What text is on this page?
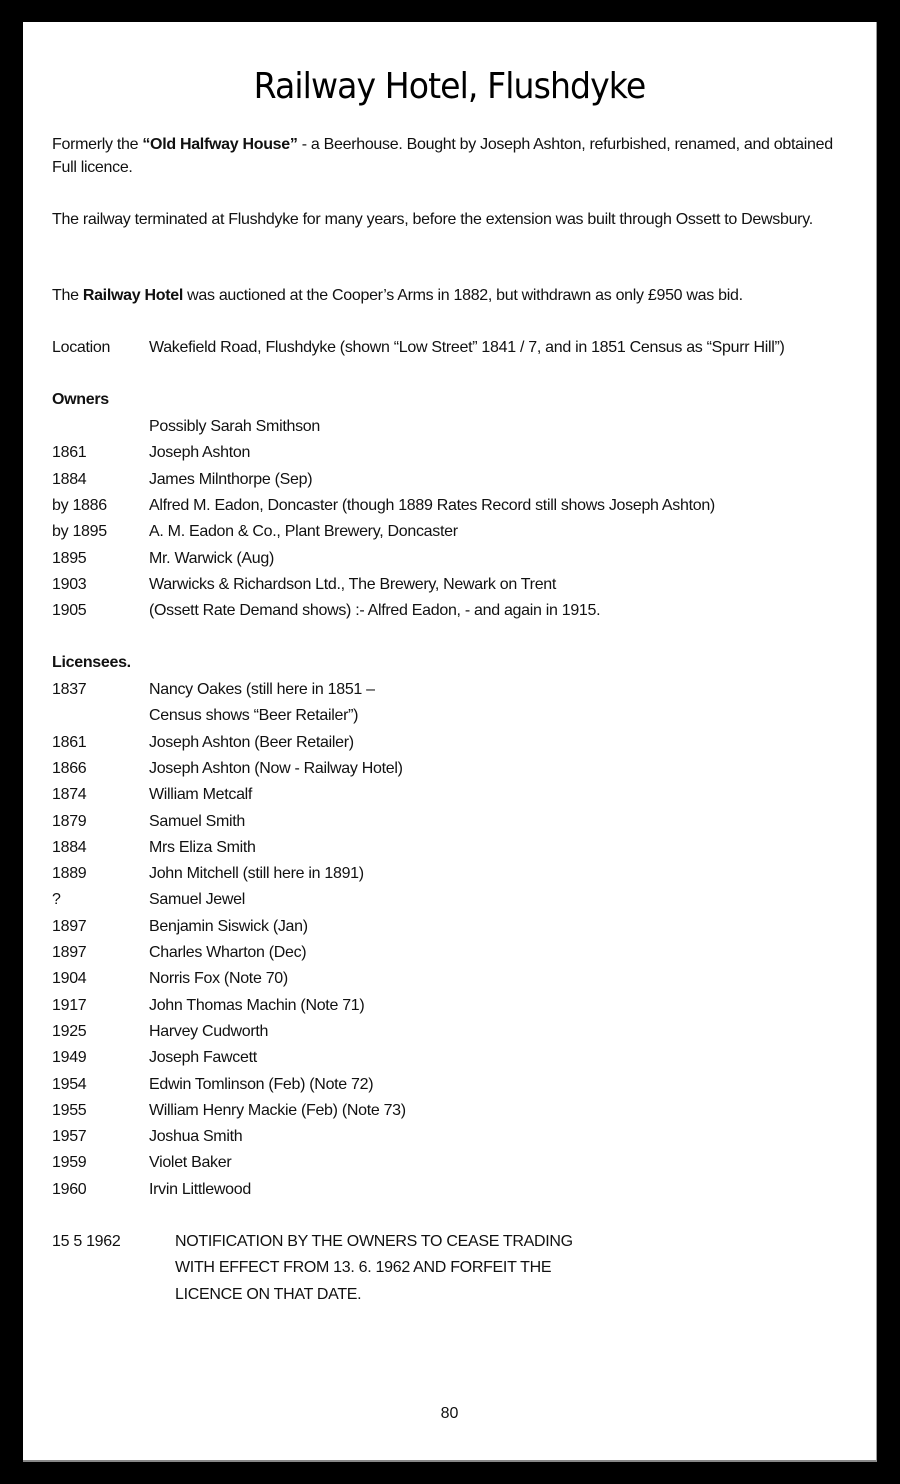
Railway Hotel, Flushdyke

Formerly the “Old Halfway House” - a Beerhouse. Bought by Joseph Ashton, refurbished, renamed, and obtained Full licence.

The railway terminated at Flushdyke for many years, before the extension was built through Ossett to Dewsbury.

The Railway Hotel was auctioned at the Cooper’s Arms in 1882, but withdrawn as only £950 was bid.

Location Wakefield Road, Flushdyke (shown “Low Street” 1841 / 7, and in 1851 Census as “Spurr Hill”)
Owners
Possibly Sarah Smithson
1861	Joseph Ashton
1884	James Milnthorpe (Sep)
by 1886	Alfred M. Eadon, Doncaster (though 1889 Rates Record still shows Joseph Ashton)
by 1895	A. M. Eadon & Co., Plant Brewery, Doncaster
1895	Mr. Warwick (Aug)
1903	Warwicks & Richardson Ltd., The Brewery, Newark on Trent
1905	(Ossett Rate Demand shows) :- Alfred Eadon, - and again in 1915.
Licensees.
1837	Nancy Oakes (still here in 1851 –
Census shows “Beer Retailer”)
1861	Joseph Ashton (Beer Retailer)
1866	Joseph Ashton (Now - Railway Hotel)
1874	William Metcalf
1879	Samuel Smith
1884	Mrs Eliza Smith
1889	John Mitchell (still here in 1891)
?	Samuel Jewel
1897	Benjamin Siswick (Jan)
1897	Charles Wharton (Dec)
1904	Norris Fox (Note 70)
1917	John Thomas Machin (Note 71)
1925	Harvey Cudworth
1949	Joseph Fawcett
1954	Edwin Tomlinson (Feb) (Note 72)
1955	William Henry Mackie (Feb) (Note 73)
1957	Joshua Smith
1959	Violet Baker
1960	Irvin Littlewood
15 5 1962	NOTIFICATION BY THE OWNERS TO CEASE TRADING
WITH EFFECT FROM 13. 6. 1962 AND FORFEIT THE
LICENCE ON THAT DATE.
80
